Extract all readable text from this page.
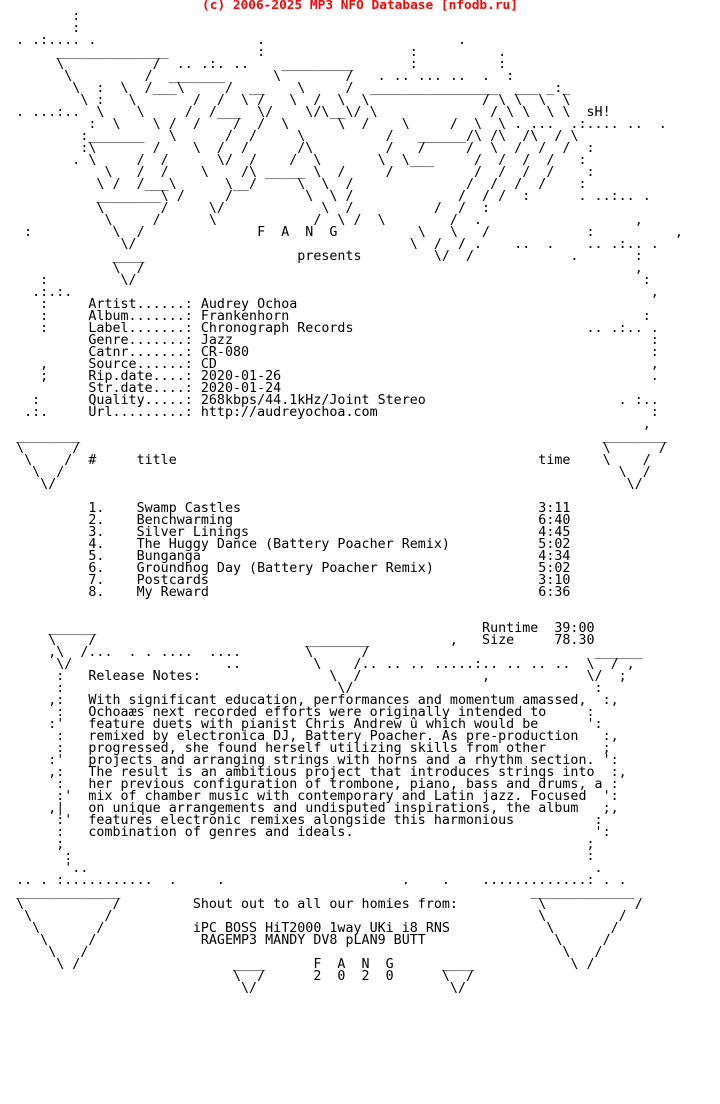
(c) 2006-2025 MP3 NFO Database [nfodb.ru]
:
:
. .:.... .                    .                        .
______________           :                  :          .
\           /  .. .:. ..    _________       :          :
\         /  _______      \        /   . .. ... ..  .  :
\  :  \  /___\     /  __    \     /  ________________  ___ _:_
\ :   \       /  /  \ /   \  /  \  \              / \ \  \  \
. ...:..  \    \     /  /___  \/    \/\__\/ \              / \ \  \ \  sH!
:  \    \ /  /    /  /  \      \  /    \     /  \  \ . ...  .:.... ..  .
:_______   \      /  /     \          /   ______/\ /\  /\  / \
:\       /    \  /  /      /\         /   /     /  \  /  /  /  :
. \     /  /      \/  /    /  \       \  \___     /  /  /  /   :
\   /  /    \    /\ _____ \  /     /          /  /  /  /    :
\ /  /___\      \__/     \  \  /              /  /  /  /    :
________\ /     /         \  \ /             /  / /  :      . ..:.. .
\       /     \/            \  /          /  /  :
\     /      \            /  \ /  \        /  .                   ,
:          \  /              F  A  N  G          \   \   /            :          ,
\/                                  \  /  / .    ..  .    .. .:.. .
____                   presents         \/  /            .       :
\  /                                                             ,
:         \/                                                               :
.:.:.                                                                        ,
:     Artist......: Audrey Ochoa
:     Album.......: Frankenhorn                                            :
:     Label.......: Chronograph Records                             .. .:.. .
Genre.......: Jazz                                                    :
Catnr.......: CR-080                                                  :
,     Source......: CD                                                      ,
;     Rip.date....: 2020-01-26                                              .
Str.date....: 2020-01-24
:      Quality.....: 268kbps/44.1kHz/Joint Stereo                        . :..
.:.     Url.........: http://audreyochoa.com                                  :
,
________                                                                 ________
\      /                                                                 \      /
\    /  #     title                                             time    \    /
\  /                                                                     \  /
\/                                                                       \/

1.    Swamp Castles                                     3:11
2.    Benchwarming                                      6:40
3.    Silver Linings                                    4:45
4.    The Huggy Dance (Battery Poacher Remix)           5:02
5.    Bunganga                                          4:34
6.    Groundhog Day (Battery Poacher Remix)             5:02
7.    Postcards                                         3:10
8.    My Reward                                         6:36

______                                                Runtime  39:00
\    /                          ________          ,   Size     78.30
,\  /...  . . ....  ....        \      /                            ______
\/                   ..         \    /.. .. .. .....:.. .. .. ..  \  / ,
:   Release Notes:                \  /               ,            \/  ;
:                                  \/                              :
,:   With significant education, performances and momentum amassed,  :,
:   Ochoaæs next recorded efforts were originally intended to     :
:'   feature duets with pianist Chris Andrew û which would be      ':
:   remixed by electronica DJ, Battery Poacher. As pre-production   :,
:   progressed, she found herself utilizing skills from other       ;
:'   projects and arranging strings with horns and a rhythm section. ':
,:   The result is an ambitious project that introduces strings into  :,
:   her previous configuration of trombone, piano, bass and drums, a :
:'  mix of chamber music with contemporary and Latin jazz. Focused  ':
,|   on unique arrangements and undisputed inspirations, the album   ;,
:'  features electronic remixes alongside this harmonious          :
:   combination of genres and ideals.                              ':
;                                                                 ;
:                                                                :
'..                                                               .
.. . :...........  .     .                      .    .    .............: . .
_____________                                                   _____________
\           /         Shout out to all our homies from:          \           /
\         /                                                     \         /
\       /           iPC BOSS HiT2000 1way UKi i8 RNS            \       /
\     /             RAGEMP3 MANDY DV8 pLAN9 BUTT                \     /
\   /                                                           \   /
\ /                   ____      F  A  N  G      ____            \ /
\  /      2  0  2  0      \  /
\/                        \/
